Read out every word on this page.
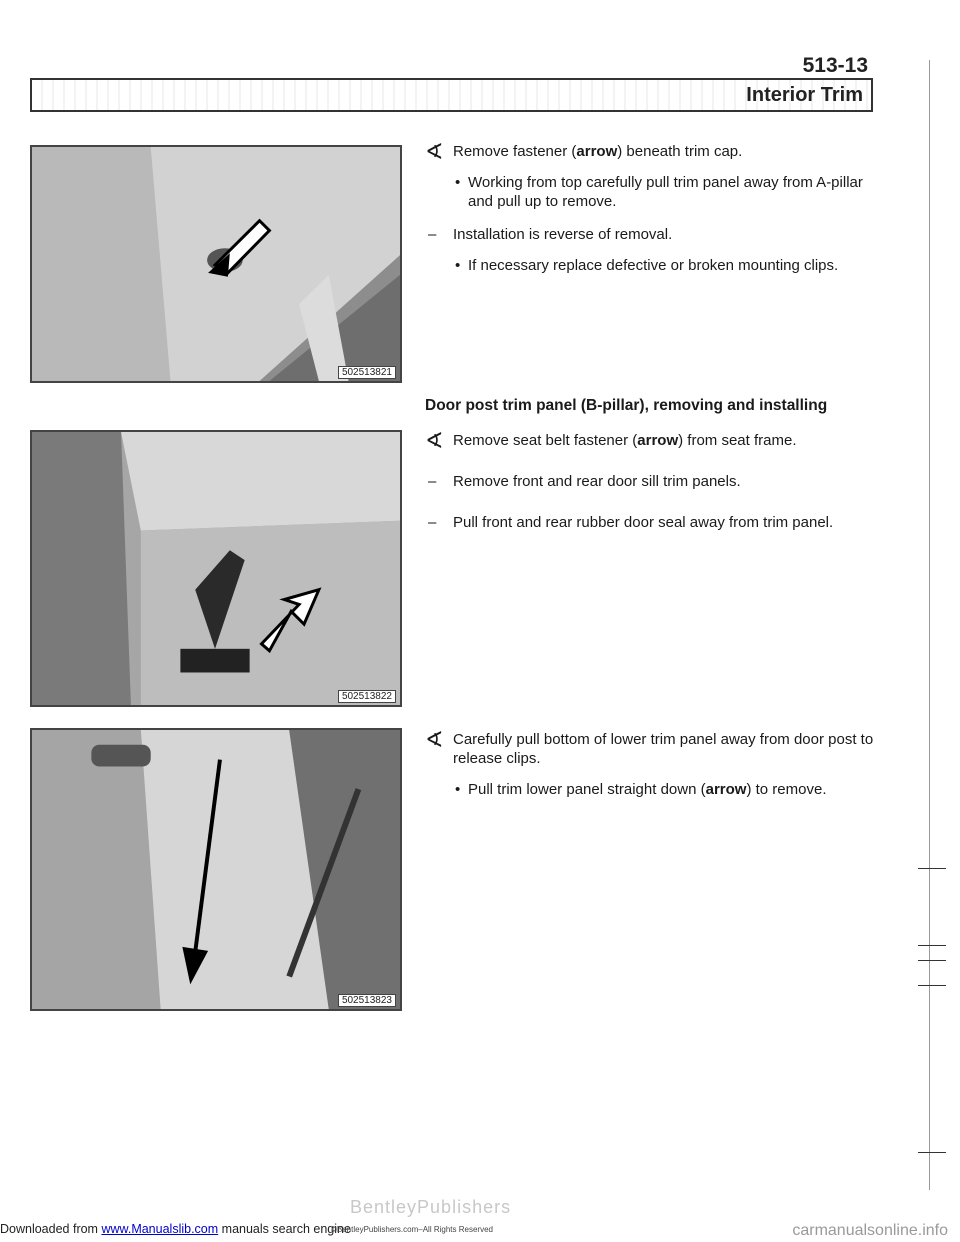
513-13
Interior Trim
502513821
502513822
502513823
∢ Remove fastener (arrow) beneath trim cap.
• Working from top carefully pull trim panel away from A-pillar and pull up to remove.
– Installation is reverse of removal.
• If necessary replace defective or broken mounting clips.
Door post trim panel (B-pillar), removing and installing
∢ Remove seat belt fastener (arrow) from seat frame.
– Remove front and rear door sill trim panels.
– Pull front and rear rubber door seal away from trim panel.
∢ Carefully pull bottom of lower trim panel away from door post to release clips.
• Pull trim lower panel straight down (arrow) to remove.
BentleyPublishers
Downloaded from www.Manualslib.com manuals search engine
©BentleyPublishers.com–All Rights Reserved	carmanualsonline.info
